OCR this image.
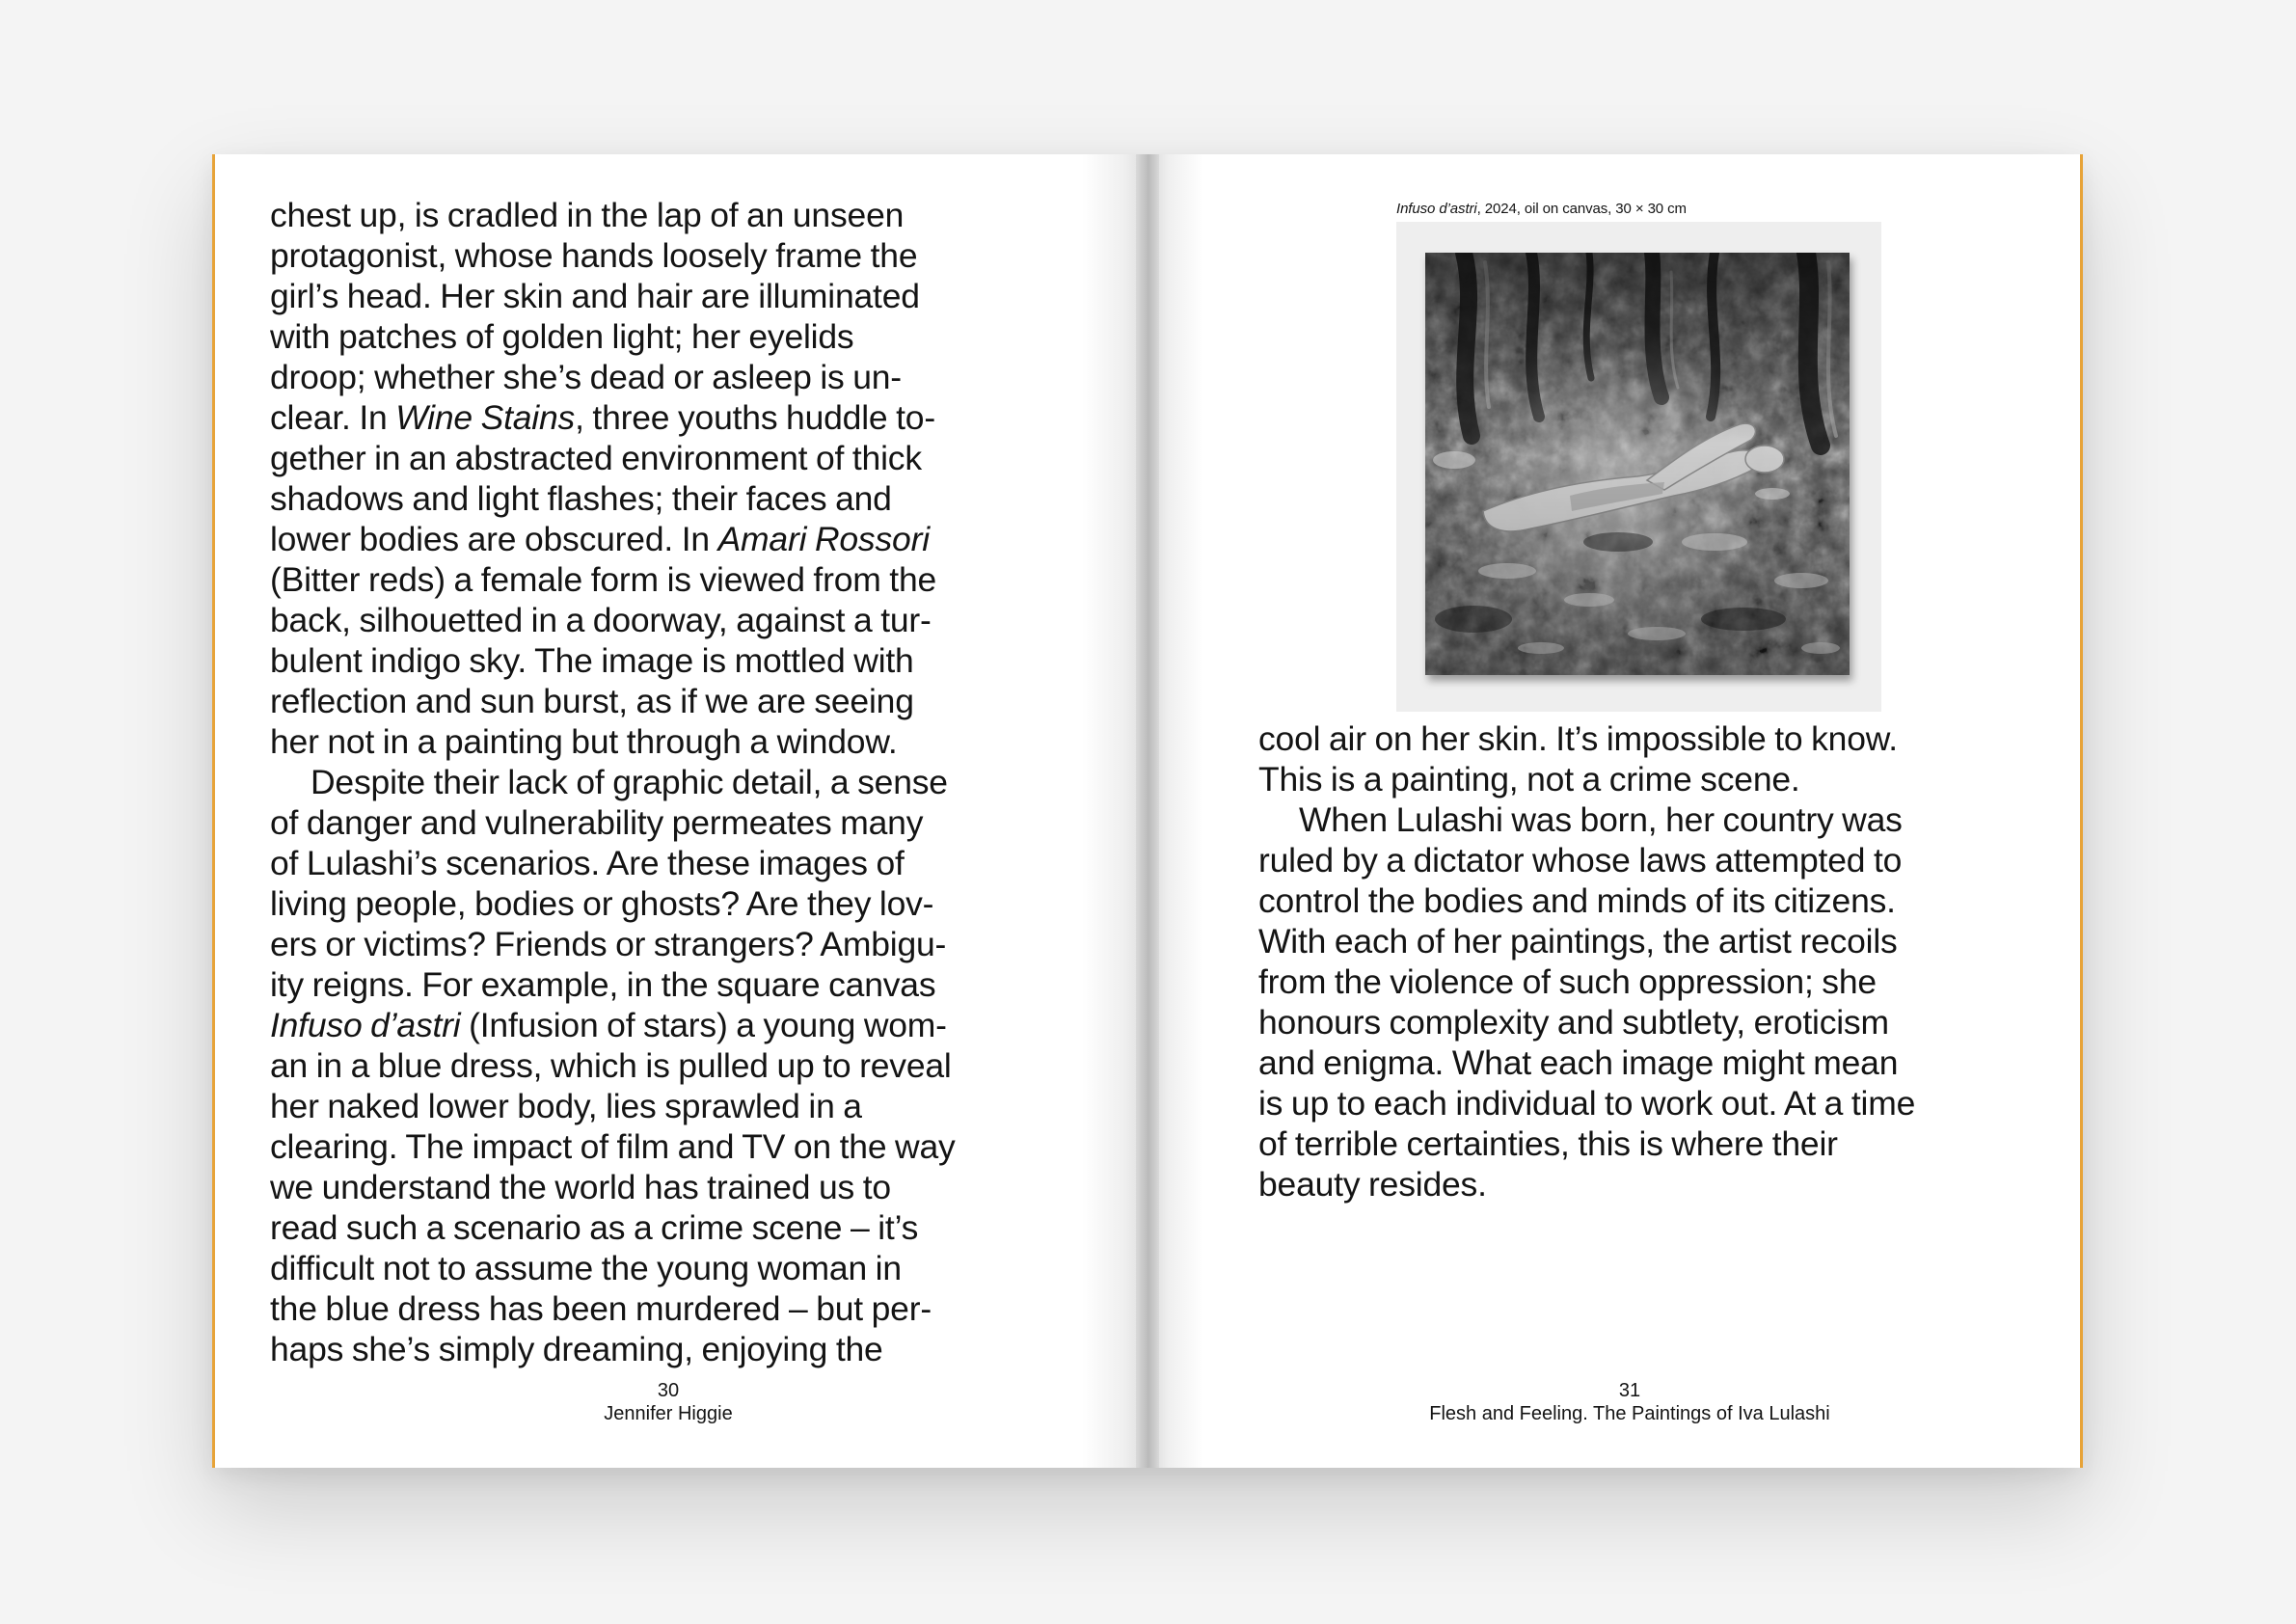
chest up, is cradled in the lap of an unseen
protagonist, whose hands loosely frame the
girl’s head. Her skin and hair are illuminated
with patches of golden light; her eyelids
droop; whether she’s dead or asleep is un-
clear. In Wine Stains, three youths huddle to-
gether in an abstracted environment of thick
shadows and light flashes; their faces and
lower bodies are obscured. In Amari Rossori
(Bitter reds) a female form is viewed from the
back, silhouetted in a doorway, against a tur-
bulent indigo sky. The image is mottled with
reflection and sun burst, as if we are seeing
her not in a painting but through a window.
Despite their lack of graphic detail, a sense
of danger and vulnerability permeates many
of Lulashi’s scenarios. Are these images of
living people, bodies or ghosts? Are they lov-
ers or victims? Friends or strangers? Ambigu-
ity reigns. For example, in the square canvas
Infuso d’astri (Infusion of stars) a young wom-
an in a blue dress, which is pulled up to reveal
her naked lower body, lies sprawled in a
clearing. The impact of film and TV on the way
we understand the world has trained us to
read such a scenario as a crime scene – it’s
difficult not to assume the young woman in
the blue dress has been murdered – but per-
haps she’s simply dreaming, enjoying the
30
Jennifer Higgie
Infuso d’astri, 2024, oil on canvas, 30 × 30 cm
cool air on her skin. It’s impossible to know.
This is a painting, not a crime scene.
When Lulashi was born, her country was
ruled by a dictator whose laws attempted to
control the bodies and minds of its citizens.
With each of her paintings, the artist recoils
from the violence of such oppression; she
honours complexity and subtlety, eroticism
and enigma. What each image might mean
is up to each individual to work out. At a time
of terrible certainties, this is where their
beauty resides.
31
Flesh and Feeling. The Paintings of Iva Lulashi
